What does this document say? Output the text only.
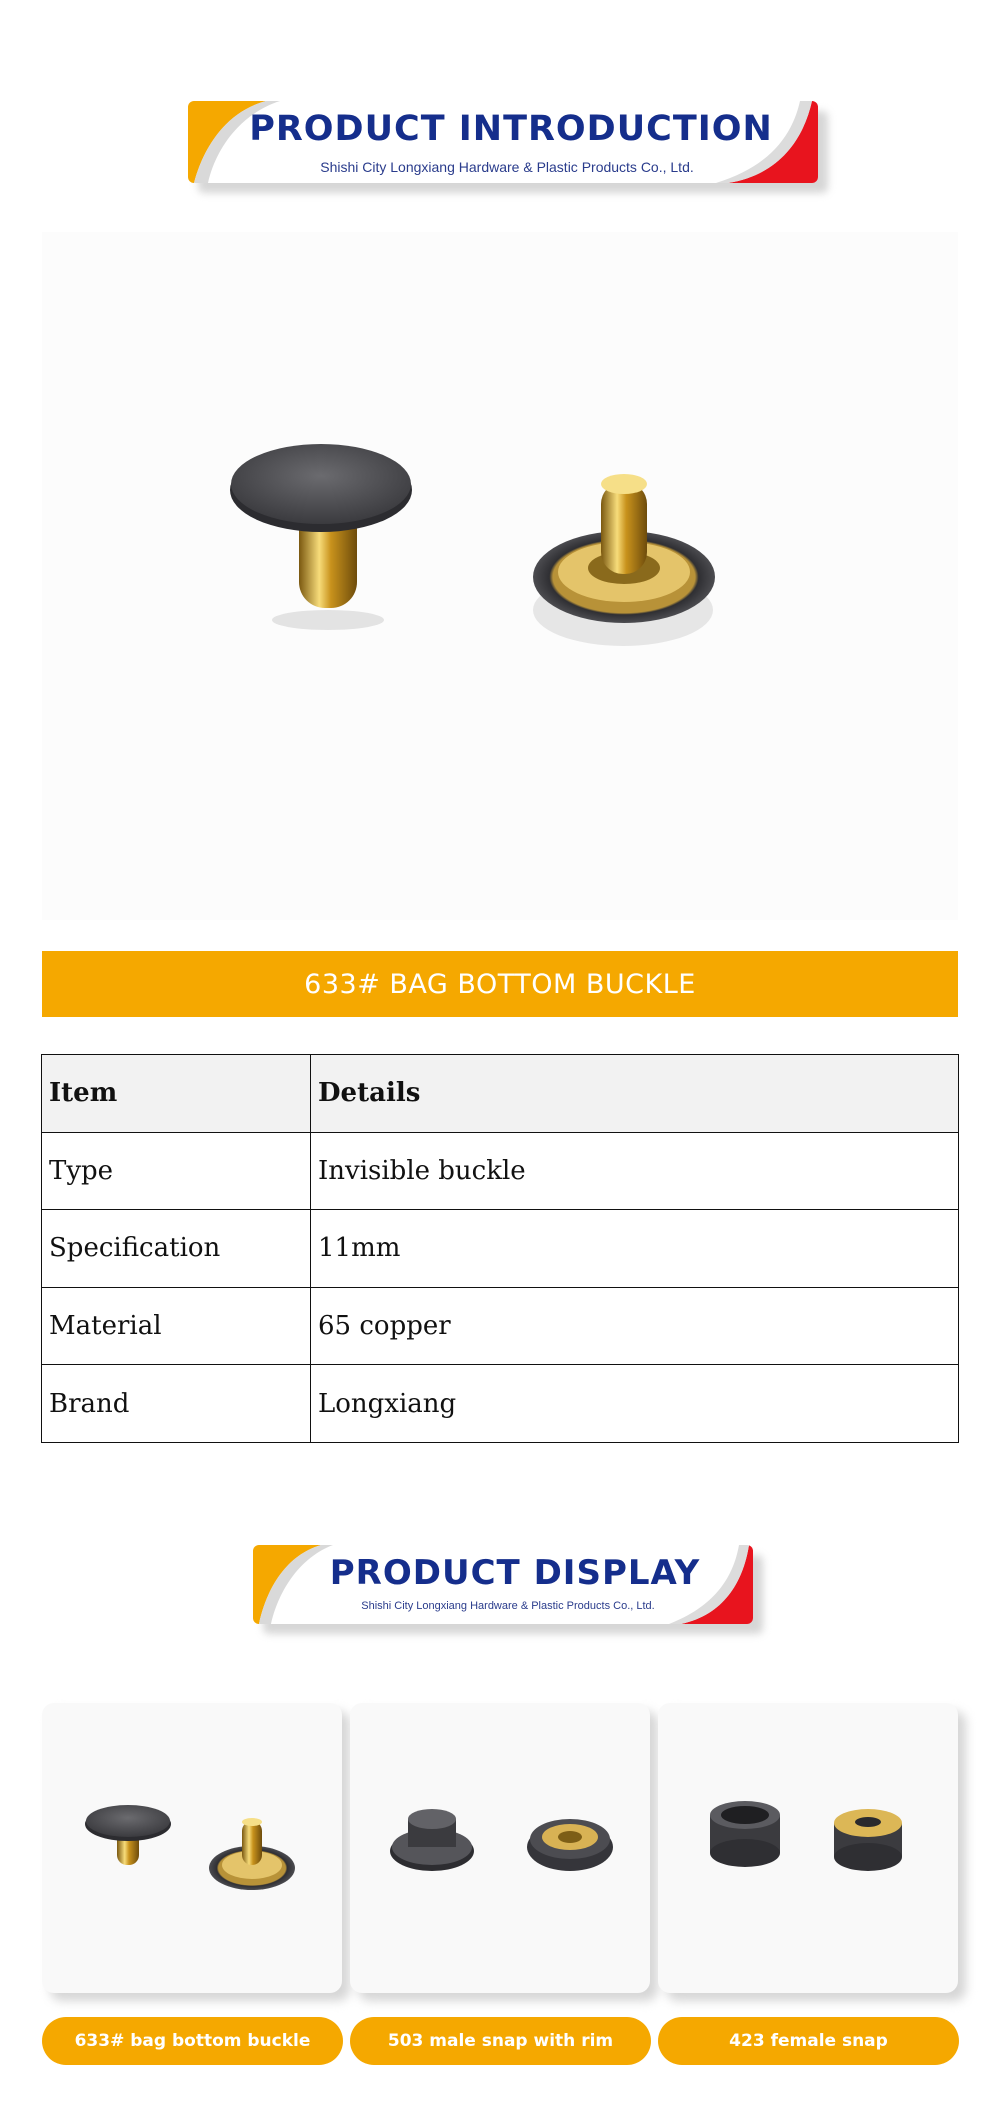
PRODUCT INTRODUCTION
Shishi City Longxiang Hardware & Plastic Products Co., Ltd.
633# BAG BOTTOM BUCKLE
Item	Details
Type	Invisible buckle
Specification	11mm
Material	65 copper
Brand	Longxiang
PRODUCT DISPLAY
Shishi City Longxiang Hardware & Plastic Products Co., Ltd.
633# bag bottom buckle	503 male snap with rim	423 female snap
